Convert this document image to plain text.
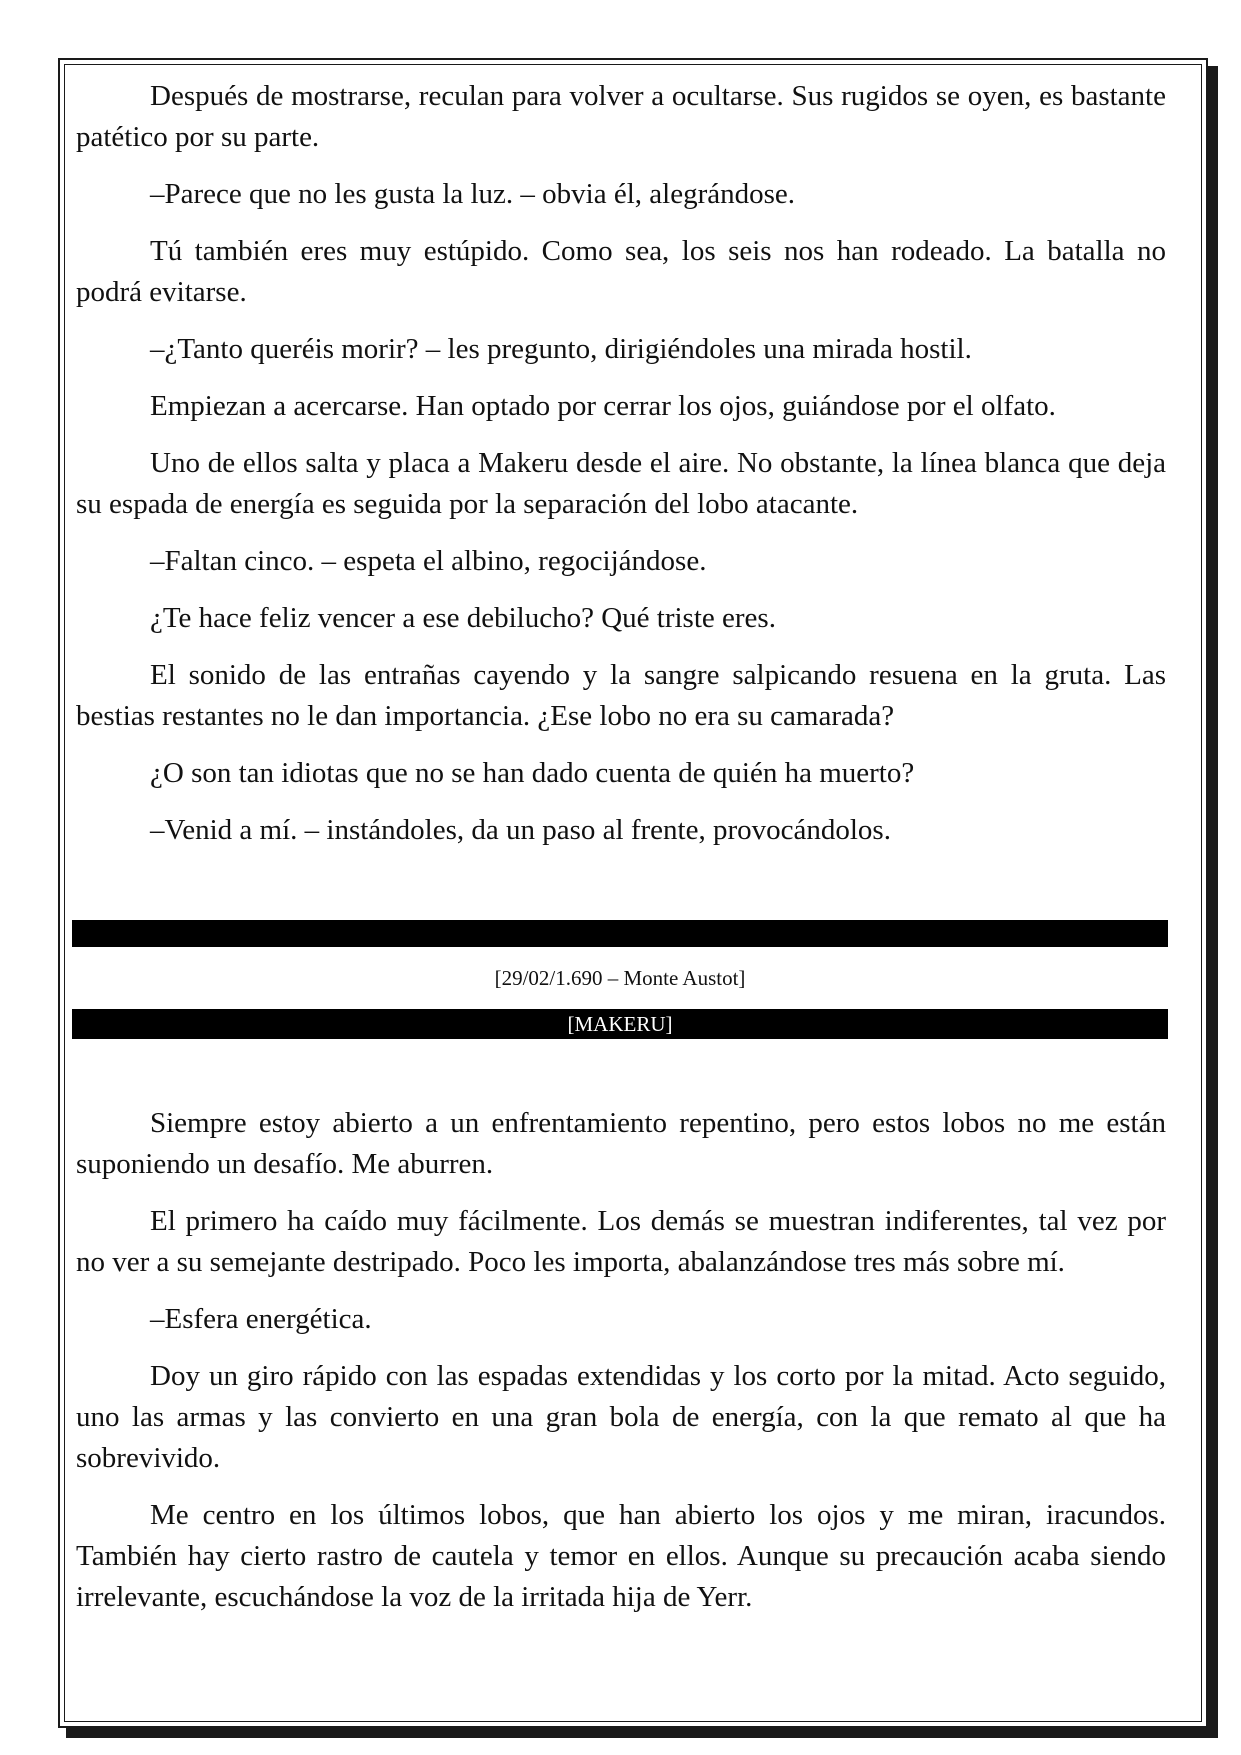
Después de mostrarse, reculan para volver a ocultarse. Sus rugidos se oyen, es bastante patético por su parte.

–Parece que no les gusta la luz. – obvia él, alegrándose.

Tú también eres muy estúpido. Como sea, los seis nos han rodeado. La batalla no podrá evitarse.

–¿Tanto queréis morir? – les pregunto, dirigiéndoles una mirada hostil.

Empiezan a acercarse. Han optado por cerrar los ojos, guiándose por el olfato.

Uno de ellos salta y placa a Makeru desde el aire. No obstante, la línea blanca que deja su espada de energía es seguida por la separación del lobo atacante.

–Faltan cinco. – espeta el albino, regocijándose.

¿Te hace feliz vencer a ese debilucho? Qué triste eres.

El sonido de las entrañas cayendo y la sangre salpicando resuena en la gruta. Las bestias restantes no le dan importancia. ¿Ese lobo no era su camarada?

¿O son tan idiotas que no se han dado cuenta de quién ha muerto?

–Venid a mí. – instándoles, da un paso al frente, provocándolos.

[29/02/1.690 – Monte Austot]
[MAKERU]

Siempre estoy abierto a un enfrentamiento repentino, pero estos lobos no me están suponiendo un desafío. Me aburren.

El primero ha caído muy fácilmente. Los demás se muestran indiferentes, tal vez por no ver a su semejante destripado. Poco les importa, abalanzándose tres más sobre mí.

–Esfera energética.

Doy un giro rápido con las espadas extendidas y los corto por la mitad. Acto seguido, uno las armas y las convierto en una gran bola de energía, con la que remato al que ha sobrevivido.

Me centro en los últimos lobos, que han abierto los ojos y me miran, iracundos. También hay cierto rastro de cautela y temor en ellos. Aunque su precaución acaba siendo irrelevante, escuchándose la voz de la irritada hija de Yerr.
